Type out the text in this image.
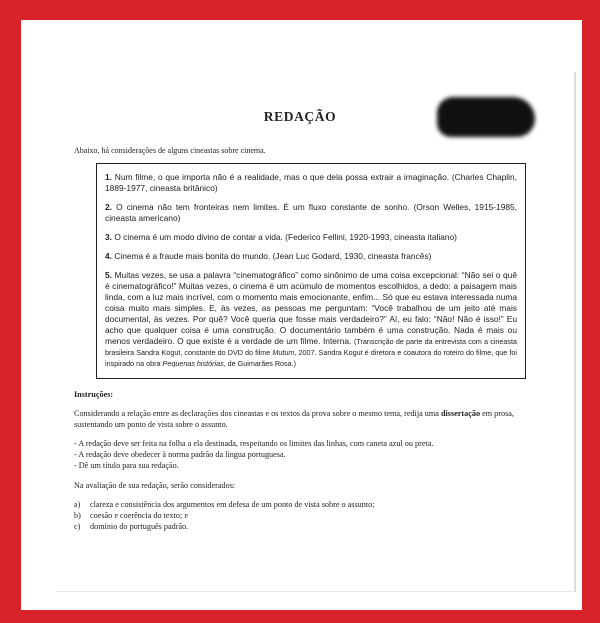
REDAÇÃO
Abaixo, há considerações de alguns cineastas sobre cinema.
1. Num filme, o que importa não é a realidade, mas o que dela possa extrair a imaginação. (Charles Chaplin, 1889-1977, cineasta britânico)
2. O cinema não tem fronteiras nem limites. É um fluxo constante de sonho. (Orson Welles, 1915-1985, cineasta americano)
3. O cinema é um modo divino de contar a vida. (Federico Fellini, 1920-1993, cineasta italiano)
4. Cinema é a fraude mais bonita do mundo. (Jean Luc Godard, 1930, cineasta francês)
5. Muitas vezes, se usa a palavra “cinematográfico” como sinônimo de uma coisa excepcional: “Não sei o quê é cinematográfico!” Muitas vezes, o cinema é um acúmulo de momentos escolhidos, a dedo: a paisagem mais linda, com a luz mais incrível, com o momento mais emocionante, enfim... Só que eu estava interessada numa coisa muito mais simples. E, às vezes, as pessoas me perguntam: “Você trabalhou de um jeito até mais documental, às vezes. Por quê? Você queria que fosse mais verdadeiro?” Aí, eu falo: “Não! Não é isso!” Eu acho que qualquer coisa é uma construção. O documentário também é uma construção. Nada é mais ou menos verdadeiro. O que existe é a verdade de um filme. Interna. (Transcrição de parte da entrevista com a cineasta brasileira Sandra Kogut, constante do DVD do filme Mutum, 2007. Sandra Kogut é diretora e coautora do roteiro do filme, que foi inspirado na obra Pequenas histórias, de Guimarães Rosa.)
Instruções:

Considerando a relação entre as declarações dos cineastas e os textos da prova sobre o mesmo tema, redija uma dissertação em prosa, sustentando um ponto de vista sobre o assunto.

- A redação deve ser feita na folha a ela destinada, respeitando os limites das linhas, com caneta azul ou preta.
- A redação deve obedecer à norma padrão da língua portuguesa.
- Dê um título para sua redação.

Na avaliação de sua redação, serão considerados:

a)	clareza e consistência dos argumentos em defesa de um ponto de vista sobre o assunto;
b)	coesão e coerência do texto; e
c)	domínio do português padrão.
